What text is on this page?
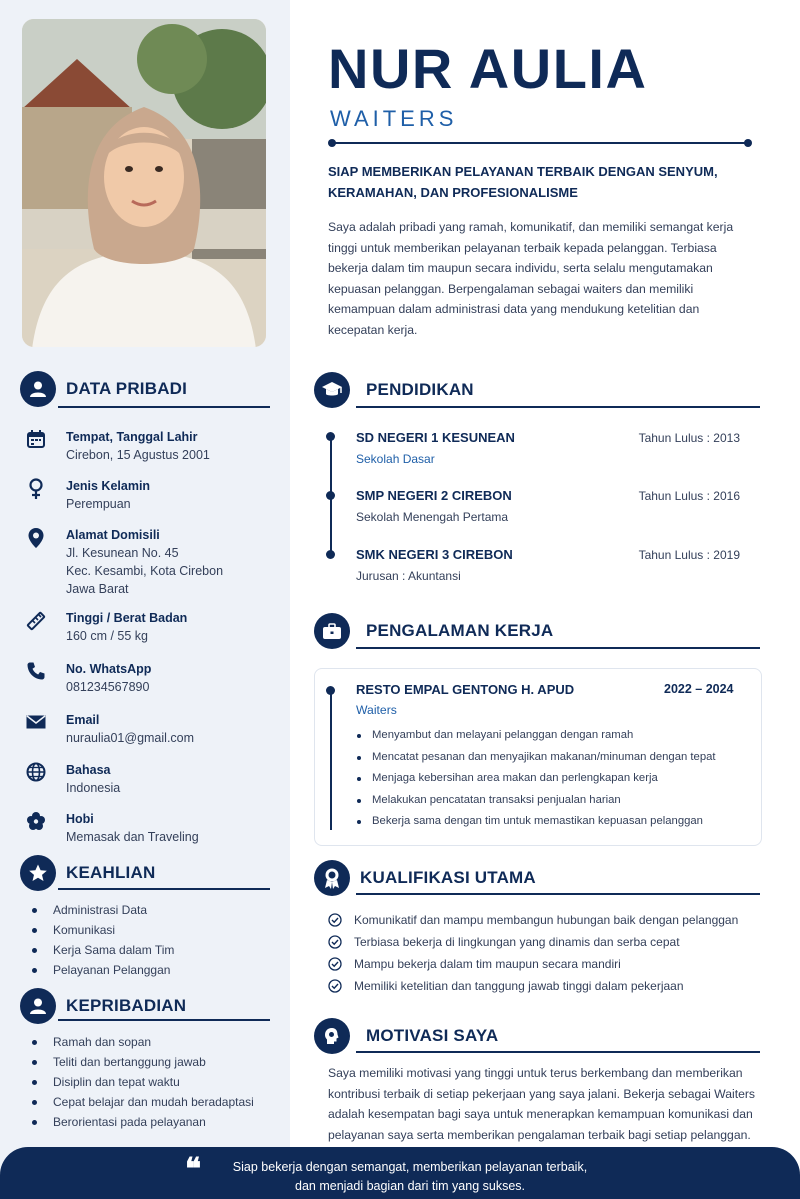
DATA PRIBADI
Tempat, Tanggal Lahir
Cirebon, 15 Agustus 2001
Jenis Kelamin
Perempuan
Alamat Domisili
Jl. Kesunean No. 45
Kec. Kesambi, Kota Cirebon
Jawa Barat
Tinggi / Berat Badan
160 cm / 55 kg
No. WhatsApp
081234567890
Email
nuraulia01@gmail.com
Bahasa
Indonesia
Hobi
Memasak dan Traveling
KEAHLIAN
Administrasi Data
Komunikasi
Kerja Sama dalam Tim
Pelayanan Pelanggan
KEPRIBADIAN
Ramah dan sopan
Teliti dan bertanggung jawab
Disiplin dan tepat waktu
Cepat belajar dan mudah beradaptasi
Berorientasi pada pelayanan
NUR AULIA
WAITERS
SIAP MEMBERIKAN PELAYANAN TERBAIK DENGAN SENYUM,
KERAMAHAN, DAN PROFESIONALISME
Saya adalah pribadi yang ramah, komunikatif, dan memiliki semangat kerja
tinggi untuk memberikan pelayanan terbaik kepada pelanggan. Terbiasa
bekerja dalam tim maupun secara individu, serta selalu mengutamakan
kepuasan pelanggan. Berpengalaman sebagai waiters dan memiliki
kemampuan dalam administrasi data yang mendukung ketelitian dan
kecepatan kerja.
PENDIDIKAN
SD NEGERI 1 KESUNEAN
Sekolah Dasar
Tahun Lulus : 2013
SMP NEGERI 2 CIREBON
Sekolah Menengah Pertama
Tahun Lulus : 2016
SMK NEGERI 3 CIREBON
Jurusan : Akuntansi
Tahun Lulus : 2019
PENGALAMAN KERJA
RESTO EMPAL GENTONG H. APUD	2022 – 2024
Waiters
Menyambut dan melayani pelanggan dengan ramah
Mencatat pesanan dan menyajikan makanan/minuman dengan tepat
Menjaga kebersihan area makan dan perlengkapan kerja
Melakukan pencatatan transaksi penjualan harian
Bekerja sama dengan tim untuk memastikan kepuasan pelanggan
KUALIFIKASI UTAMA
Komunikatif dan mampu membangun hubungan baik dengan pelanggan
Terbiasa bekerja di lingkungan yang dinamis dan serba cepat
Mampu bekerja dalam tim maupun secara mandiri
Memiliki ketelitian dan tanggung jawab tinggi dalam pekerjaan
MOTIVASI SAYA
Saya memiliki motivasi yang tinggi untuk terus berkembang dan memberikan
kontribusi terbaik di setiap pekerjaan yang saya jalani. Bekerja sebagai Waiters
adalah kesempatan bagi saya untuk menerapkan kemampuan komunikasi dan
pelayanan saya serta memberikan pengalaman terbaik bagi setiap pelanggan.
❝	Siap bekerja dengan semangat, memberikan pelayanan terbaik,
dan menjadi bagian dari tim yang sukses.
